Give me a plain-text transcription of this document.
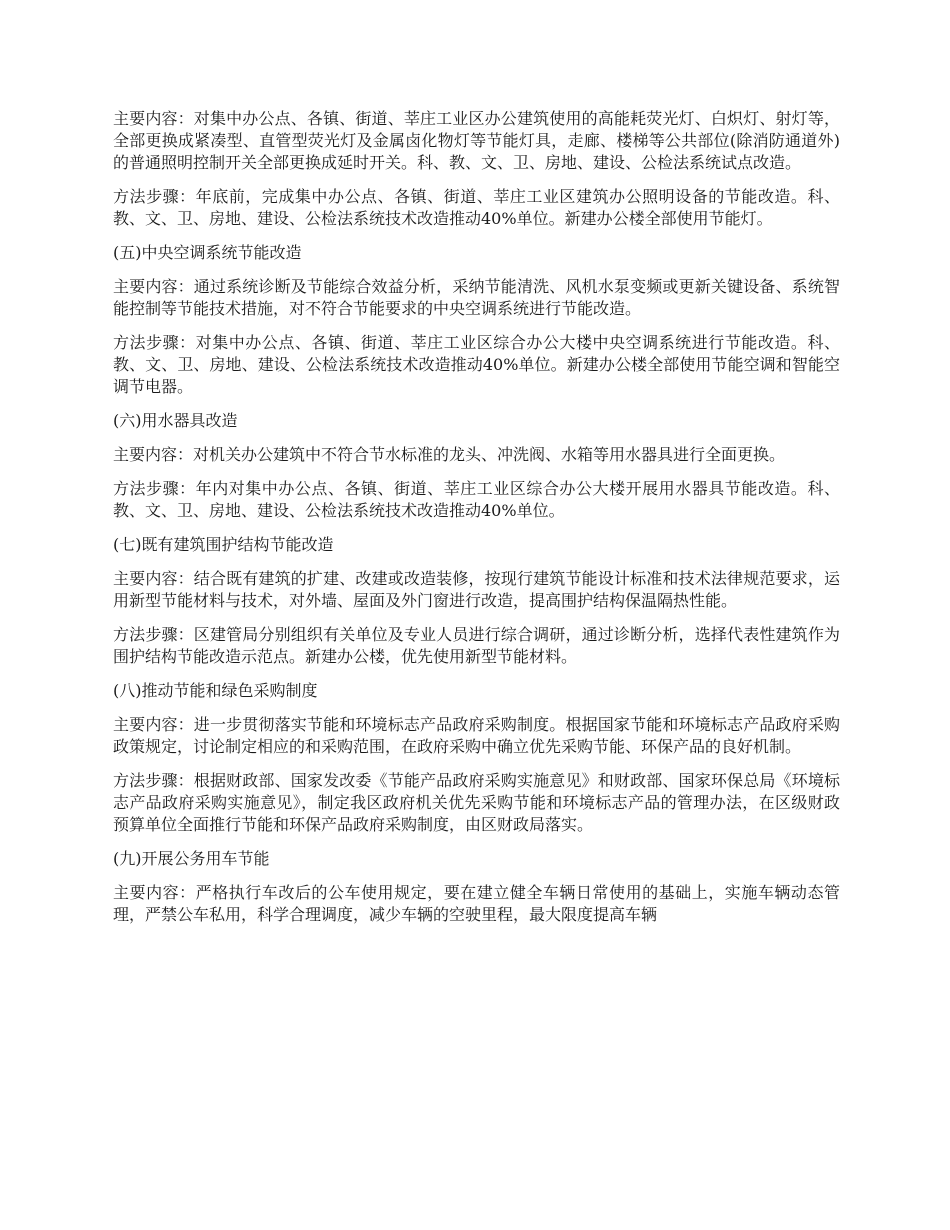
主要内容：对集中办公点、各镇、街道、莘庄工业区办公建筑使用的高能耗荧光灯、白炽灯、射灯等，全部更换成紧凑型、直管型荧光灯及金属卤化物灯等节能灯具，走廊、楼梯等公共部位(除消防通道外)的普通照明控制开关全部更换成延时开关。科、教、文、卫、房地、建设、公检法系统试点改造。

方法步骤：年底前，完成集中办公点、各镇、街道、莘庄工业区建筑办公照明设备的节能改造。科、教、文、卫、房地、建设、公检法系统技术改造推动40%单位。新建办公楼全部使用节能灯。

(五)中央空调系统节能改造

主要内容：通过系统诊断及节能综合效益分析，采纳节能清洗、风机水泵变频或更新关键设备、系统智能控制等节能技术措施，对不符合节能要求的中央空调系统进行节能改造。

方法步骤：对集中办公点、各镇、街道、莘庄工业区综合办公大楼中央空调系统进行节能改造。科、教、文、卫、房地、建设、公检法系统技术改造推动40%单位。新建办公楼全部使用节能空调和智能空调节电器。

(六)用水器具改造

主要内容：对机关办公建筑中不符合节水标准的龙头、冲洗阀、水箱等用水器具进行全面更换。

方法步骤：年内对集中办公点、各镇、街道、莘庄工业区综合办公大楼开展用水器具节能改造。科、教、文、卫、房地、建设、公检法系统技术改造推动40%单位。

(七)既有建筑围护结构节能改造

主要内容：结合既有建筑的扩建、改建或改造装修，按现行建筑节能设计标准和技术法律规范要求，运用新型节能材料与技术，对外墙、屋面及外门窗进行改造，提高围护结构保温隔热性能。

方法步骤：区建管局分别组织有关单位及专业人员进行综合调研，通过诊断分析，选择代表性建筑作为围护结构节能改造示范点。新建办公楼，优先使用新型节能材料。

(八)推动节能和绿色采购制度

主要内容：进一步贯彻落实节能和环境标志产品政府采购制度。根据国家节能和环境标志产品政府采购政策规定，讨论制定相应的和采购范围，在政府采购中确立优先采购节能、环保产品的良好机制。

方法步骤：根据财政部、国家发改委《节能产品政府采购实施意见》和财政部、国家环保总局《环境标志产品政府采购实施意见》，制定我区政府机关优先采购节能和环境标志产品的管理办法，在区级财政预算单位全面推行节能和环保产品政府采购制度，由区财政局落实。

(九)开展公务用车节能

主要内容：严格执行车改后的公车使用规定，要在建立健全车辆日常使用的基础上，实施车辆动态管理，严禁公车私用，科学合理调度，减少车辆的空驶里程，最大限度提高车辆
